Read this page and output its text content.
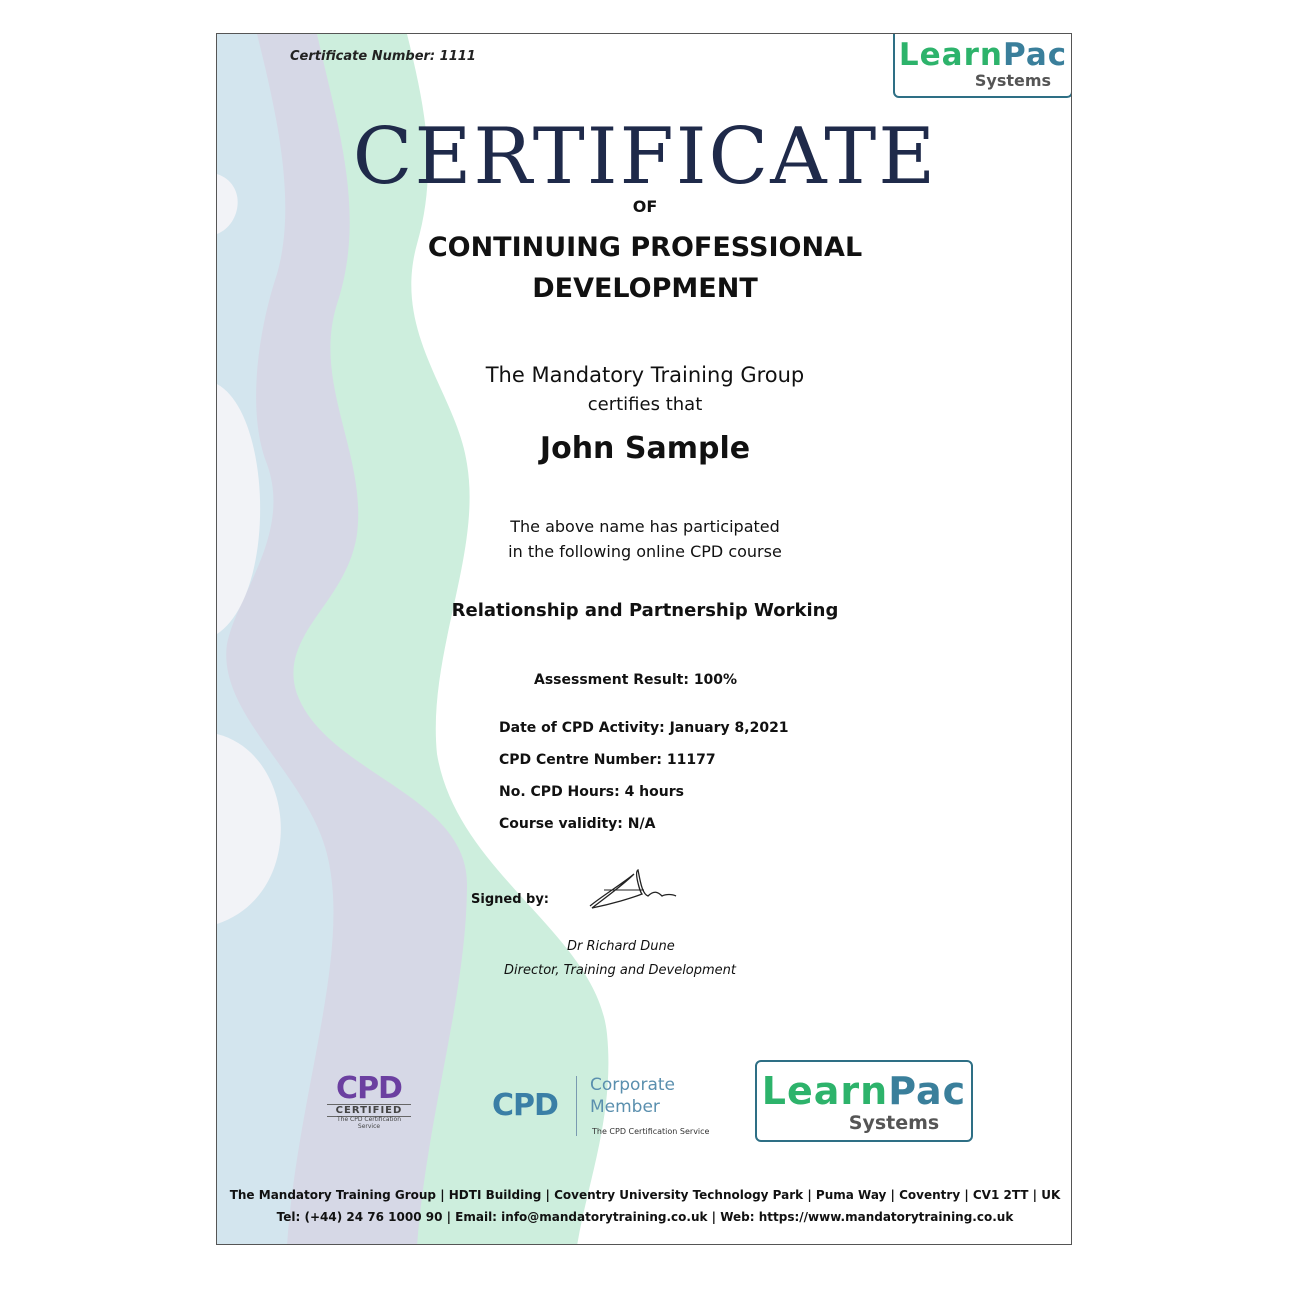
Certificate Number: 1111	LearnPac
Systems
CERTIFICATE
OF
CONTINUING PROFESSIONAL
DEVELOPMENT
The Mandatory Training Group
certifies that
John Sample
The above name has participated
in the following online CPD course
Relationship and Partnership Working
Assessment Result: 100%
Date of CPD Activity: January 8,2021
CPD Centre Number: 11177
No. CPD Hours: 4 hours
Course validity: N/A
Signed by:
Dr Richard Dune
Director, Training and Development
CPD
CERTIFIED
The CPD Certification Service
CPD
Corporate
Member
The CPD Certification Service
LearnPac
Systems
The Mandatory Training Group | HDTI Building | Coventry University Technology Park | Puma Way | Coventry | CV1 2TT | UK
Tel: (+44) 24 76 1000 90 | Email: info@mandatorytraining.co.uk | Web: https://www.mandatorytraining.co.uk
